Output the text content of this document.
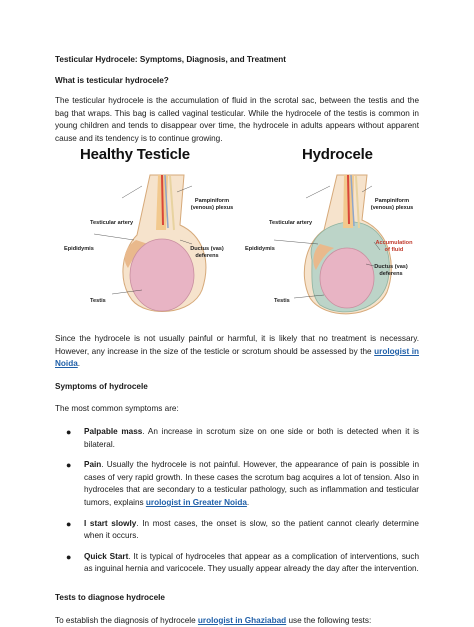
Testicular Hydrocele: Symptoms, Diagnosis, and Treatment

What is testicular hydrocele?

The testicular hydrocele is the accumulation of fluid in the scrotal sac, between the testis and the bag that wraps. This bag is called vaginal testicular. While the hydrocele of the testis is common in young children and tends to disappear over time, the hydrocele in adults appears without apparent cause and its tendency is to continue growing.

Healthy Testicle	Hydrocele
Pampiniform (venous) plexus
Testicular artery
Epididymis	Ductus (vas) deferens
Testis
Pampiniform (venous) plexus
Testicular artery
Epididymis
Accumulation of fluid
Ductus (vas) deferens
Testis

Since the hydrocele is not usually painful or harmful, it is likely that no treatment is necessary. However, any increase in the size of the testicle or scrotum should be assessed by the urologist in Noida.

Symptoms of hydrocele

The most common symptoms are:

● Palpable mass. An increase in scrotum size on one side or both is detected when it is bilateral.
● Pain. Usually the hydrocele is not painful. However, the appearance of pain is possible in cases of very rapid growth. In these cases the scrotum bag acquires a lot of tension. Also in hydroceles that are secondary to a testicular pathology, such as inflammation and testicular tumors, explains urologist in Greater Noida.
● I start slowly. In most cases, the onset is slow, so the patient cannot clearly determine when it occurs.
● Quick Start. It is typical of hydroceles that appear as a complication of interventions, such as inguinal hernia and varicocele. They usually appear already the day after the intervention.

Tests to diagnose hydrocele

To establish the diagnosis of hydrocele urologist in Ghaziabad use the following tests:
